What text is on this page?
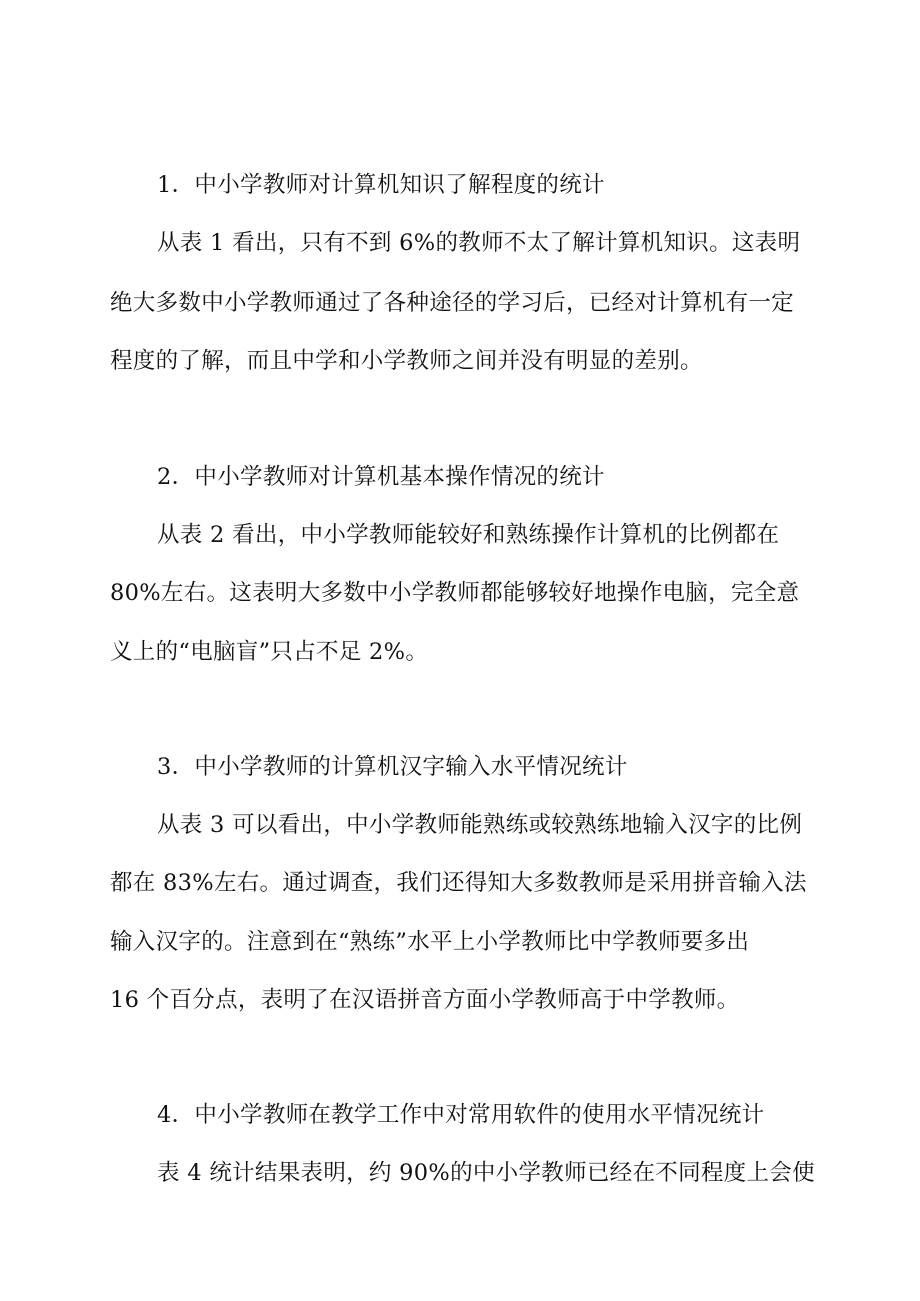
1．中小学教师对计算机知识了解程度的统计
从表 1 看出，只有不到 6%的教师不太了解计算机知识。这表明
绝大多数中小学教师通过了各种途径的学习后，已经对计算机有一定
程度的了解，而且中学和小学教师之间并没有明显的差别。
2．中小学教师对计算机基本操作情况的统计
从表 2 看出，中小学教师能较好和熟练操作计算机的比例都在
80%左右。这表明大多数中小学教师都能够较好地操作电脑，完全意
义上的“电脑盲”只占不足 2%。
3．中小学教师的计算机汉字输入水平情况统计
从表 3 可以看出，中小学教师能熟练或较熟练地输入汉字的比例
都在 83%左右。通过调查，我们还得知大多数教师是采用拼音输入法
输入汉字的。注意到在“熟练”水平上小学教师比中学教师要多出
16 个百分点，表明了在汉语拼音方面小学教师高于中学教师。
4．中小学教师在教学工作中对常用软件的使用水平情况统计
表 4 统计结果表明，约 90%的中小学教师已经在不同程度上会使
